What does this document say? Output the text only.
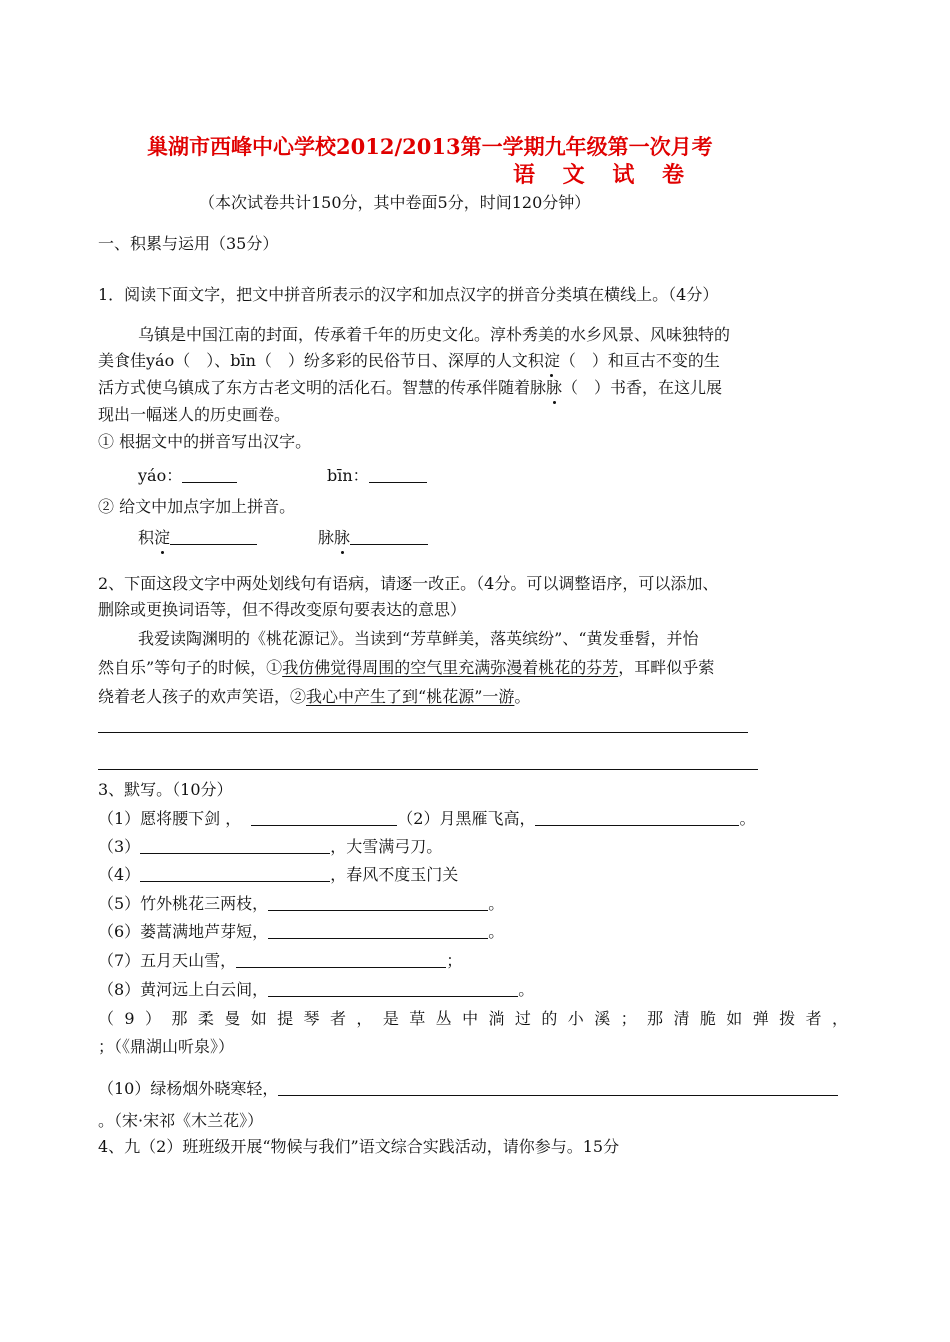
巢湖市西峰中心学校2012/2013第一学期九年级第一次月考
语 文 试 卷
（本次试卷共计150分，其中卷面5分，时间120分钟）
一、积累与运用（35分）
1．阅读下面文字，把文中拼音所表示的汉字和加点汉字的拼音分类填在横线上。（4分）
乌镇是中国江南的封面，传承着千年的历史文化。淳朴秀美的水乡风景、风味独特的
美食佳yáo（　）、bīn（　）纷多彩的民俗节日、深厚的人文积淀（　）和亘古不变的生
活方式使乌镇成了东方古老文明的活化石。智慧的传承伴随着脉脉（　）书香，在这儿展
现出一幅迷人的历史画卷。
① 根据文中的拼音写出汉字。
yáo：	bīn：
② 给文中加点字加上拼音。
积淀	脉脉
2、下面这段文字中两处划线句有语病，请逐一改正。（4分。可以调整语序，可以添加、
删除或更换词语等，但不得改变原句要表达的意思）
我爱读陶渊明的《桃花源记》。当读到“芳草鲜美，落英缤纷”、“黄发垂髫，并怡
然自乐”等句子的时候，①我仿佛觉得周围的空气里充满弥漫着桃花的芬芳，耳畔似乎萦
绕着老人孩子的欢声笑语，②我心中产生了到“桃花源”一游。
3、默写。（10分）
（1）愿将腰下剑 ，	（2）月黑雁飞高，	。
（3）	，大雪满弓刀。
（4）	，春风不度玉门关
（5）竹外桃花三两枝，	。
（6）蒌蒿满地芦芽短，	。
（7）五月天山雪，	；
（8）黄河远上白云间，	。
（ 9 ） 那 柔 曼 如 提 琴 者 ， 是 草 丛 中 淌 过 的 小 溪 ； 那 清 脆 如 弹 拨 者 ，
；（《鼎湖山听泉》）
（10）绿杨烟外晓寒轻，
。（宋·宋祁《木兰花》）
4、九（2）班班级开展“物候与我们”语文综合实践活动，请你参与。15分
